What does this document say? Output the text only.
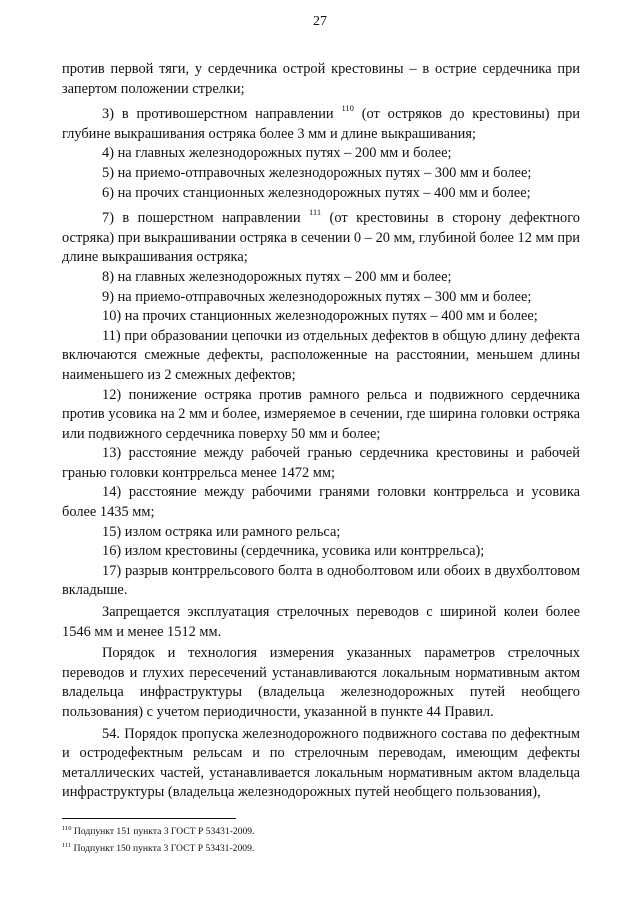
27

против первой тяги, у сердечника острой крестовины – в острие сердечника при запертом положении стрелки;

3) в противошерстном направлении $^{110}$ (от остряков до крестовины) при глубине выкрашивания остряка более 3 мм и длине выкрашивания;

4) на главных железнодорожных путях – 200 мм и более;

5) на приемо-отправочных железнодорожных путях – 300 мм и более;

6) на прочих станционных железнодорожных путях – 400 мм и более;

7) в пошерстном направлении $^{111}$ (от крестовины в сторону дефектного остряка) при выкрашивании остряка в сечении 0 – 20 мм, глубиной более 12 мм при длине выкрашивания остряка;

8) на главных железнодорожных путях – 200 мм и более;

9) на приемо-отправочных железнодорожных путях – 300 мм и более;

10) на прочих станционных железнодорожных путях – 400 мм и более;

11) при образовании цепочки из отдельных дефектов в общую длину дефекта включаются смежные дефекты, расположенные на расстоянии, меньшем длины наименьшего из 2 смежных дефектов;

12) понижение остряка против рамного рельса и подвижного сердечника против усовика на 2 мм и более, измеряемое в сечении, где ширина головки остряка или подвижного сердечника поверху 50 мм и более;

13) расстояние между рабочей гранью сердечника крестовины и рабочей гранью головки контррельса менее 1472 мм;

14) расстояние между рабочими гранями головки контррельса и усовика более 1435 мм;

15) излом остряка или рамного рельса;

16) излом крестовины (сердечника, усовика или контррельса);

17) разрыв контррельсового болта в одноболтовом или обоих в двухболтовом вкладыше.

Запрещается эксплуатация стрелочных переводов с шириной колеи более 1546 мм и менее 1512 мм.

Порядок и технология измерения указанных параметров стрелочных переводов и глухих пересечений устанавливаются локальным нормативным актом владельца инфраструктуры (владельца железнодорожных путей необщего пользования) с учетом периодичности, указанной в пункте 44 Правил.

54. Порядок пропуска железнодорожного подвижного состава по дефектным и остродефектным рельсам и по стрелочным переводам, имеющим дефекты металлических частей, устанавливается локальным нормативным актом владельца инфраструктуры (владельца железнодорожных путей необщего пользования),

$^{110}$ Подпункт 151 пункта 3 ГОСТ Р 53431-2009.
$^{111}$ Подпункт 150 пункта 3 ГОСТ Р 53431-2009.
